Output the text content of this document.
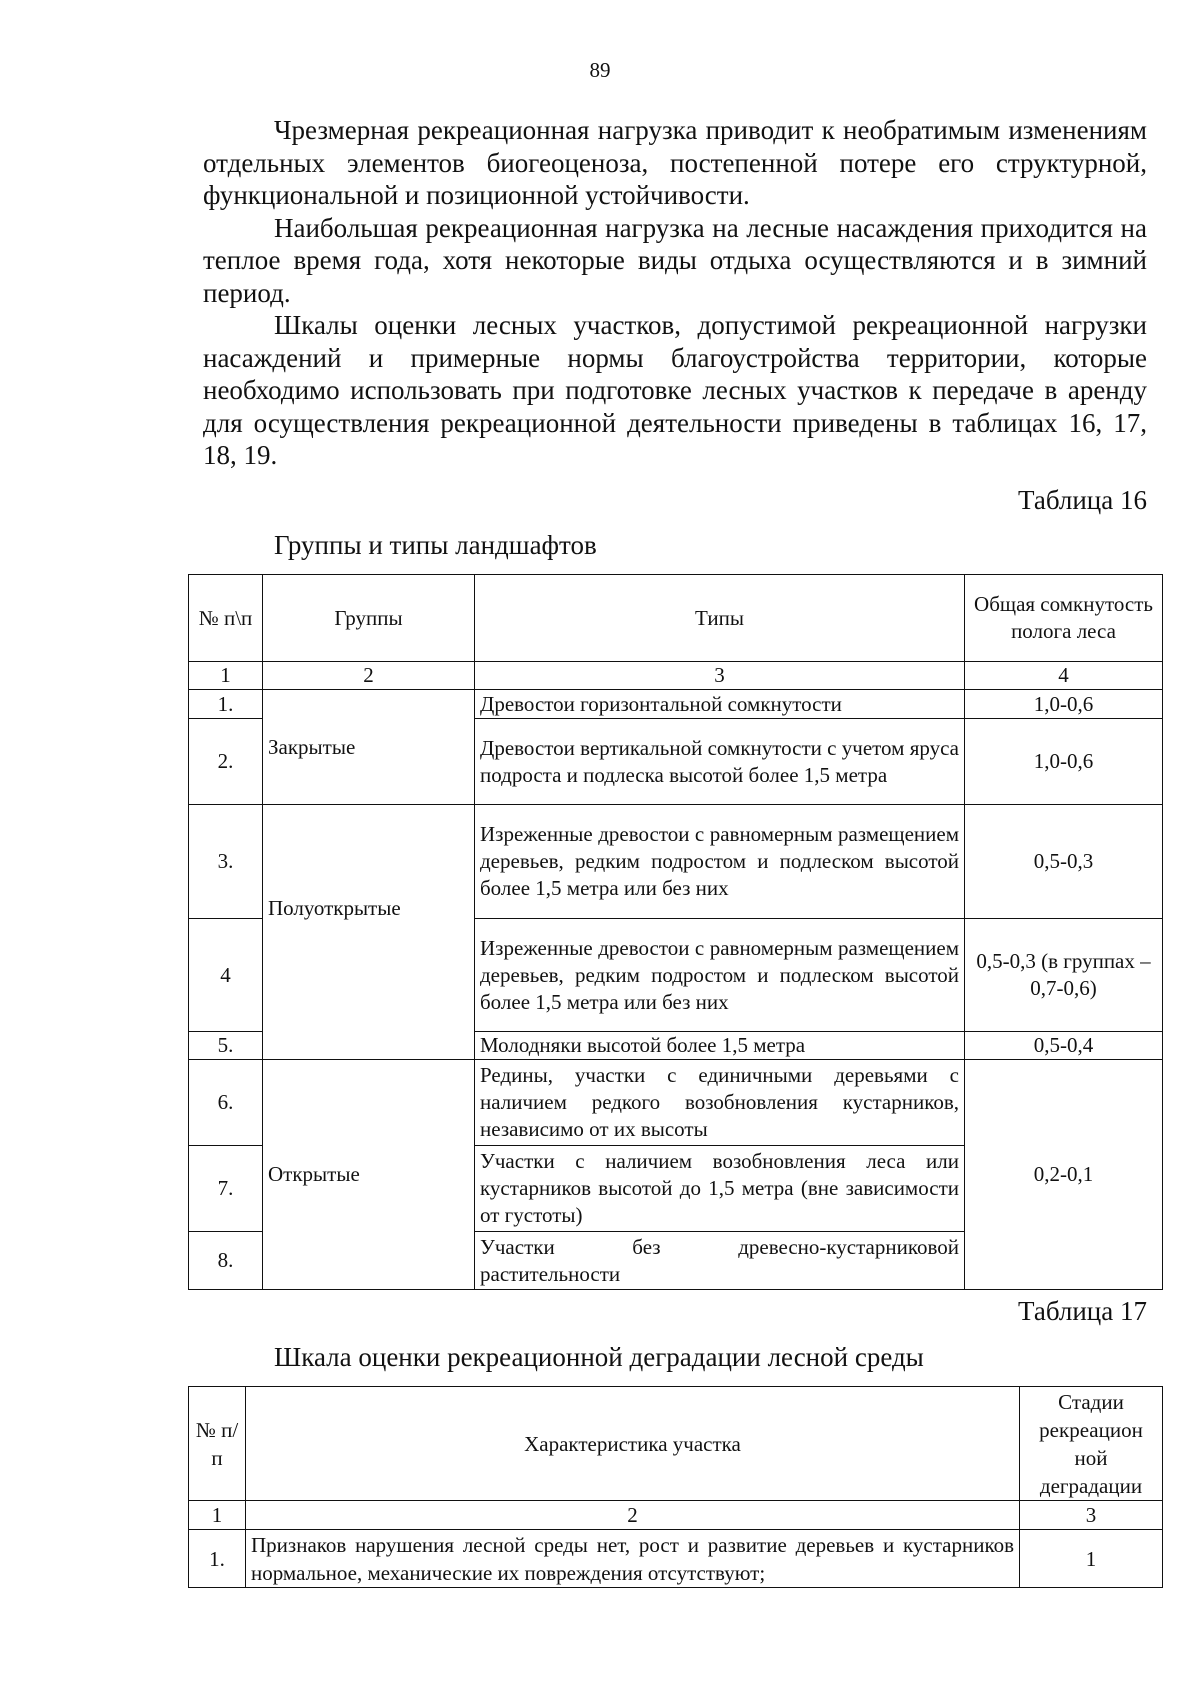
89

Чрезмерная рекреационная нагрузка приводит к необратимым изменениям отдельных элементов биогеоценоза, постепенной потере его структурной, функциональной и позиционной устойчивости.

Наибольшая рекреационная нагрузка на лесные насаждения приходится на теплое время года, хотя некоторые виды отдыха осуществляются и в зимний период.

Шкалы оценки лесных участков, допустимой рекреационной нагрузки насаждений и примерные нормы благоустройства территории, которые необходимо использовать при подготовке лесных участков к передаче в аренду для осуществления рекреационной деятельности приведены в таблицах 16, 17, 18, 19.

Таблица 16
Группы и типы ландшафтов
№ п\п	Группы	Типы	Общая сомкнутость полога леса
1	2	3	4
1.	Закрытые	Древостои горизонтальной сомкнутости	1,0-0,6
2.		Древостои вертикальной сомкнутости с учетом яруса подроста и подлеска высотой более 1,5 метра	1,0-0,6
3.	Полуоткрытые	Изреженные древостои с равномерным размещением деревьев, редким подростом и подлеском высотой более 1,5 метра или без них	0,5-0,3
4		Изреженные древостои с равномерным размещением деревьев, редким подростом и подлеском высотой более 1,5 метра или без них	0,5-0,3 (в группах – 0,7-0,6)
5.		Молодняки высотой более 1,5 метра	0,5-0,4
6.	Открытые	Редины, участки с единичными деревьями с наличием редкого возобновления кустарников, независимо от их высоты	0,2-0,1
7.		Участки с наличием возобновления леса или кустарников высотой до 1,5 метра (вне зависимости от густоты)	
8.		Участки без древесно-кустарниковой растительности	
Таблица 17
Шкала оценки рекреационной деградации лесной среды
№ п/п	Характеристика участка	Стадии рекреацион ной деградации
1	2	3
1.	Признаков нарушения лесной среды нет, рост и развитие деревьев и кустарников нормальное, механические их повреждения отсутствуют;	1
